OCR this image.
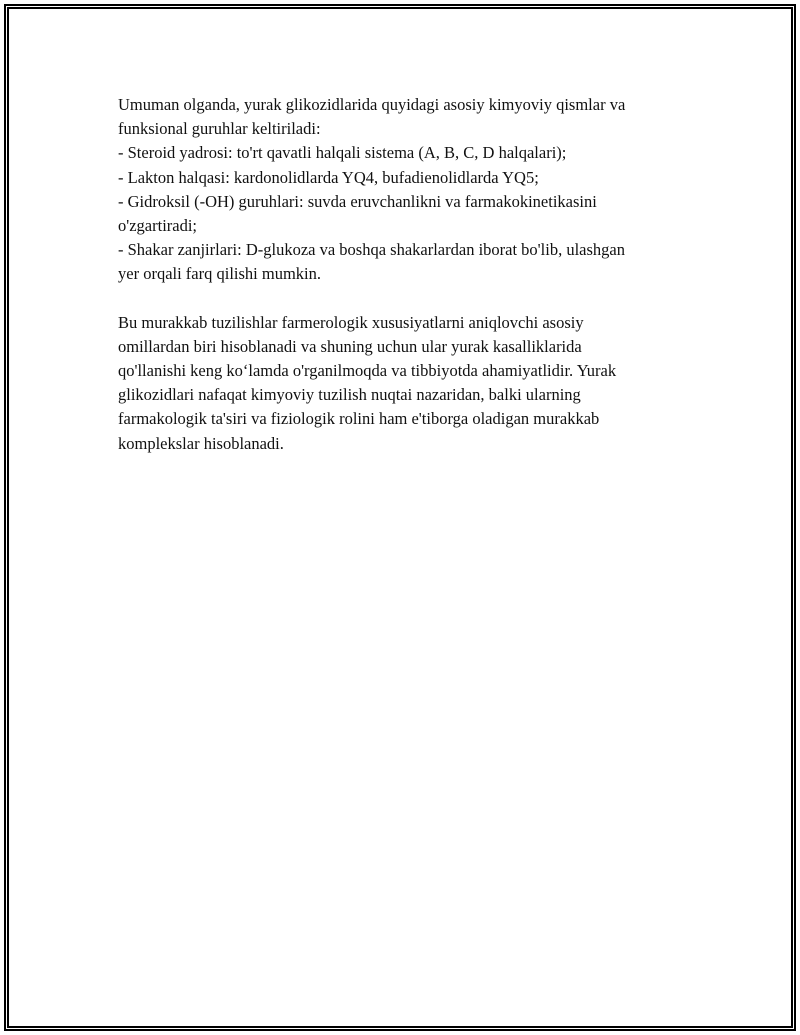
Umuman olganda, yurak glikozidlarida quyidagi asosiy kimyoviy qismlar va
funksional guruhlar keltiriladi:
- Steroid yadrosi: to'rt qavatli halqali sistema (A, B, C, D halqalari);
- Lakton halqasi: kardonolidlarda YQ4, bufadienolidlarda YQ5;
- Gidroksil (-OH) guruhlari: suvda eruvchanlikni va farmakokinetikasini
o'zgartiradi;
- Shakar zanjirlari: D-glukoza va boshqa shakarlardan iborat bo'lib, ulashgan
yer orqali farq qilishi mumkin.

Bu murakkab tuzilishlar farmerologik xususiyatlarni aniqlovchi asosiy
omillardan biri hisoblanadi va shuning uchun ular yurak kasalliklarida
qo'llanishi keng ko‘lamda o'rganilmoqda va tibbiyotda ahamiyatlidir. Yurak
glikozidlari nafaqat kimyoviy tuzilish nuqtai nazaridan, balki ularning
farmakologik ta'siri va fiziologik rolini ham e'tiborga oladigan murakkab
komplekslar hisoblanadi.
